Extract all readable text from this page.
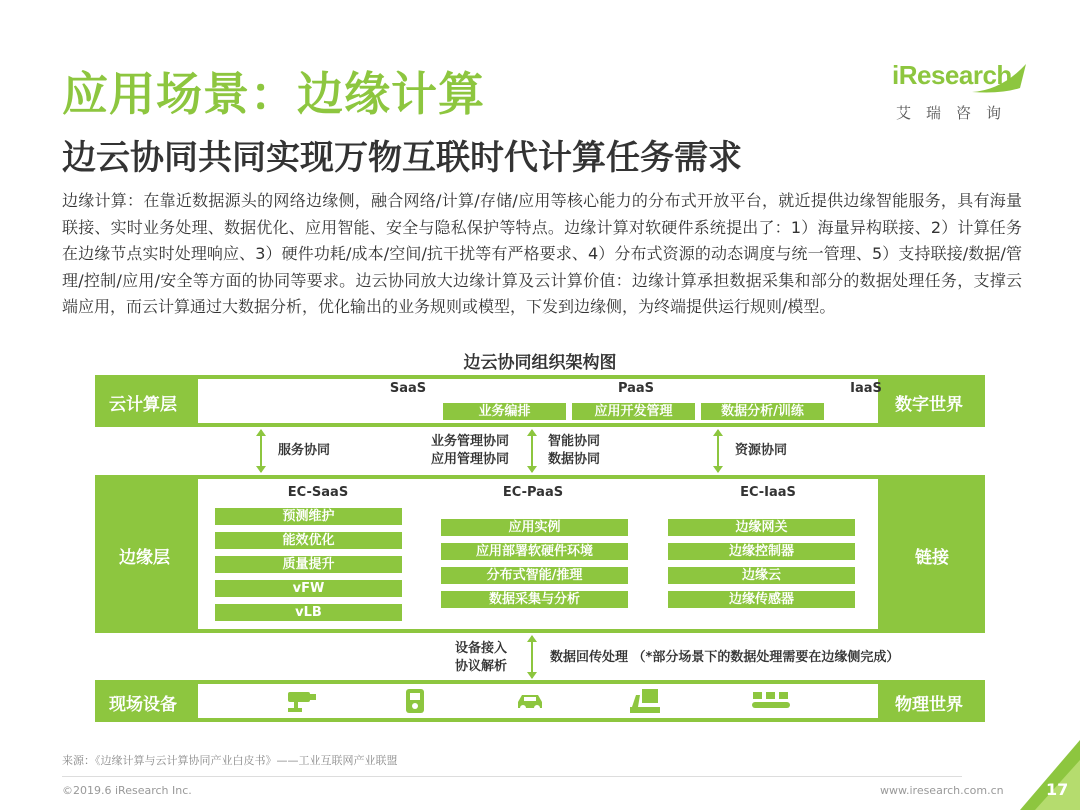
应用场景：边缘计算
边云协同共同实现万物互联时代计算任务需求
iResearch
艾瑞咨询
边缘计算：在靠近数据源头的网络边缘侧，融合网络/计算/存储/应用等核心能力的分布式开放平台，就近提供边缘智能服务，具有海量联接、实时业务处理、数据优化、应用智能、安全与隐私保护等特点。边缘计算对软硬件系统提出了：1）海量异构联接、2）计算任务在边缘节点实时处理响应、3）硬件功耗/成本/空间/抗干扰等有严格要求、4）分布式资源的动态调度与统一管理、5）支持联接/数据/管理/控制/应用/安全等方面的协同等要求。边云协同放大边缘计算及云计算价值：边缘计算承担数据采集和部分的数据处理任务，支撑云端应用，而云计算通过大数据分析，优化输出的业务规则或模型，下发到边缘侧，为终端提供运行规则/模型。
边云协同组织架构图
云计算层
SaaS	PaaS	IaaS
业务编排	应用开发管理	数据分析/训练	数字世界
服务协同
业务管理协同
应用管理协同
智能协同
数据协同
资源协同
边缘层
EC-SaaS	EC-PaaS	EC-IaaS
预测维护
能效优化
质量提升
vFW
vLB
应用实例
应用部署软硬件环境
分布式智能/推理
数据采集与分析
边缘网关
边缘控制器
边缘云
边缘传感器
链接
设备接入
协议解析
数据回传处理 （*部分场景下的数据处理需要在边缘侧完成）
现场设备	物理世界
来源：《边缘计算与云计算协同产业白皮书》——工业互联网产业联盟
©2019.6 iResearch Inc.	www.iresearch.com.cn	17
